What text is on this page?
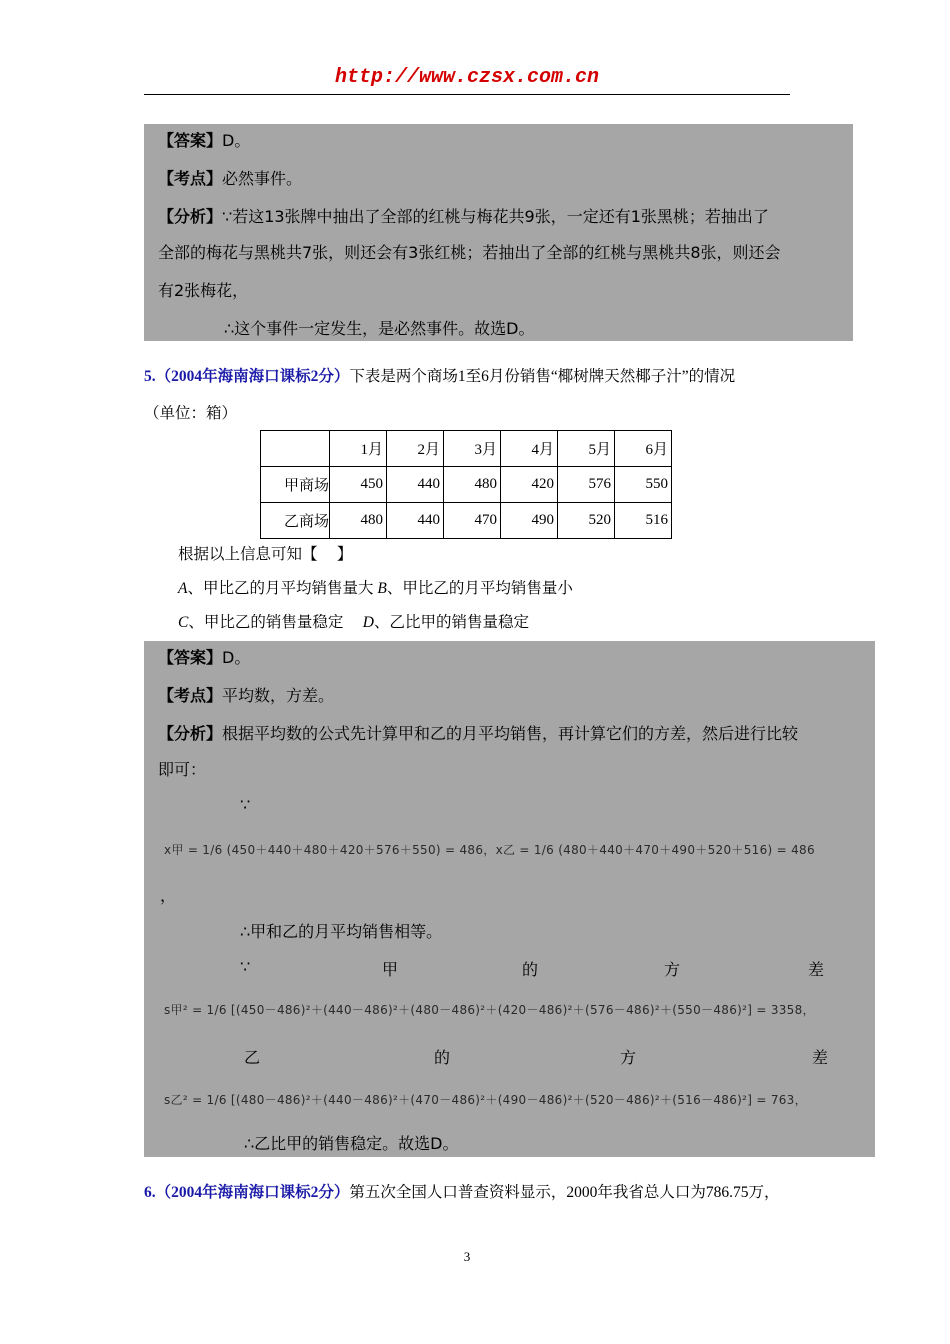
http://www.czsx.com.cn
【答案】D。
【考点】必然事件。
【分析】∵若这13张牌中抽出了全部的红桃与梅花共9张，一定还有1张黑桃；若抽出了
全部的梅花与黑桃共7张，则还会有3张红桃；若抽出了全部的红桃与黑桃共8张，则还会
有2张梅花，
∴这个事件一定发生，是必然事件。故选D。
5.（2004年海南海口课标2分）下表是两个商场1至6月份销售“椰树牌天然椰子汁”的情况
（单位：箱）
	1月	2月	3月	4月	5月	6月
甲商场	450	440	480	420	576	550
乙商场	480	440	470	490	520	516
根据以上信息可知【　 】
A、甲比乙的月平均销售量大 B、甲比乙的月平均销售量小
C、甲比乙的销售量稳定　 D、乙比甲的销售量稳定
【答案】D。
【考点】平均数，方差。
【分析】根据平均数的公式先计算甲和乙的月平均销售，再计算它们的方差，然后进行比较
即可：
∵
x甲 = 1/6 (450＋440＋480＋420＋576＋550) = 486，x乙 = 1/6 (480＋440＋470＋490＋520＋516) = 486
，
∴甲和乙的月平均销售相等。
∵	甲	的	方	差
s甲² = 1/6 [(450－486)²＋(440－486)²＋(480－486)²＋(420－486)²＋(576－486)²＋(550－486)²] = 3358，
乙	的	方	差
s乙² = 1/6 [(480－486)²＋(440－486)²＋(470－486)²＋(490－486)²＋(520－486)²＋(516－486)²] = 763，
∴乙比甲的销售稳定。故选D。
6.（2004年海南海口课标2分）第五次全国人口普查资料显示，2000年我省总人口为786.75万，
3
